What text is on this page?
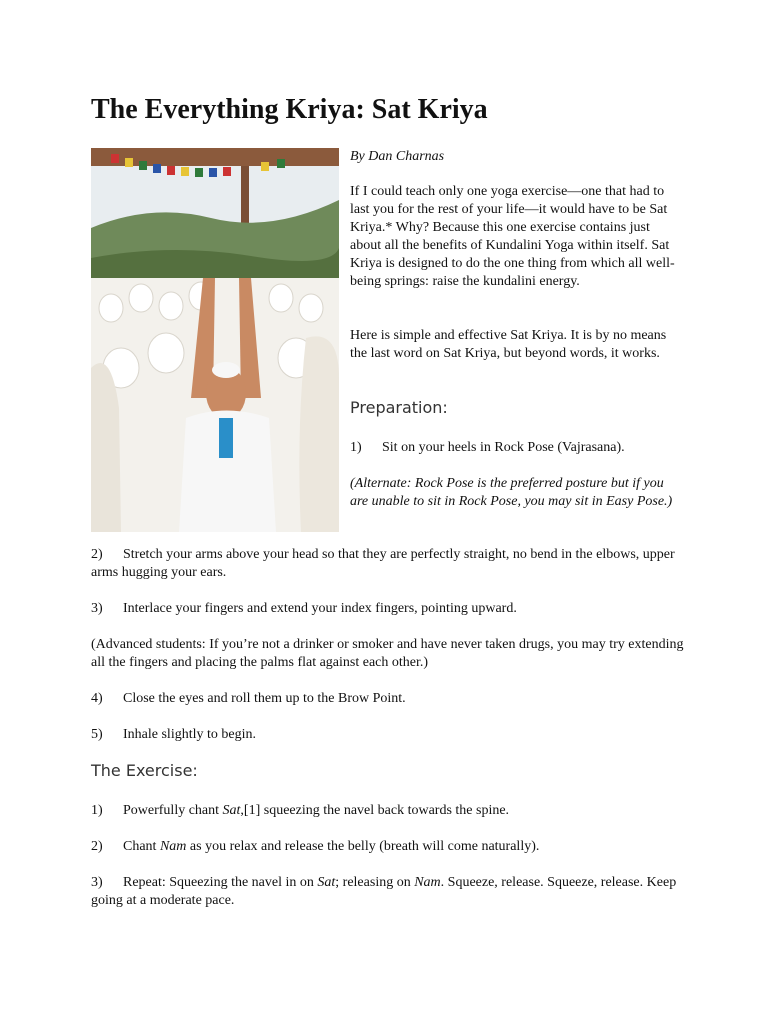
The Everything Kriya: Sat Kriya

By Dan Charnas

If I could teach only one yoga exercise—one that had to last you for the rest of your life—it would have to be Sat Kriya.* Why? Because this one exercise contains just about all the benefits of Kundalini Yoga within itself. Sat Kriya is designed to do the one thing from which all well-being springs: raise the kundalini energy.

Here is simple and effective Sat Kriya. It is by no means the last word on Sat Kriya, but beyond words, it works.

Preparation:

1) Sit on your heels in Rock Pose (Vajrasana).

(Alternate: Rock Pose is the preferred posture but if you are unable to sit in Rock Pose, you may sit in Easy Pose.)

2) Stretch your arms above your head so that they are perfectly straight, no bend in the elbows, upper arms hugging your ears.

3) Interlace your fingers and extend your index fingers, pointing upward.

(Advanced students: If you’re not a drinker or smoker and have never taken drugs, you may try extending all the fingers and placing the palms flat against each other.)

4) Close the eyes and roll them up to the Brow Point.

5) Inhale slightly to begin.

The Exercise:

1) Powerfully chant Sat,[1] squeezing the navel back towards the spine.

2) Chant Nam as you relax and release the belly (breath will come naturally).

3) Repeat: Squeezing the navel in on Sat; releasing on Nam. Squeeze, release. Squeeze, release. Keep going at a moderate pace.
